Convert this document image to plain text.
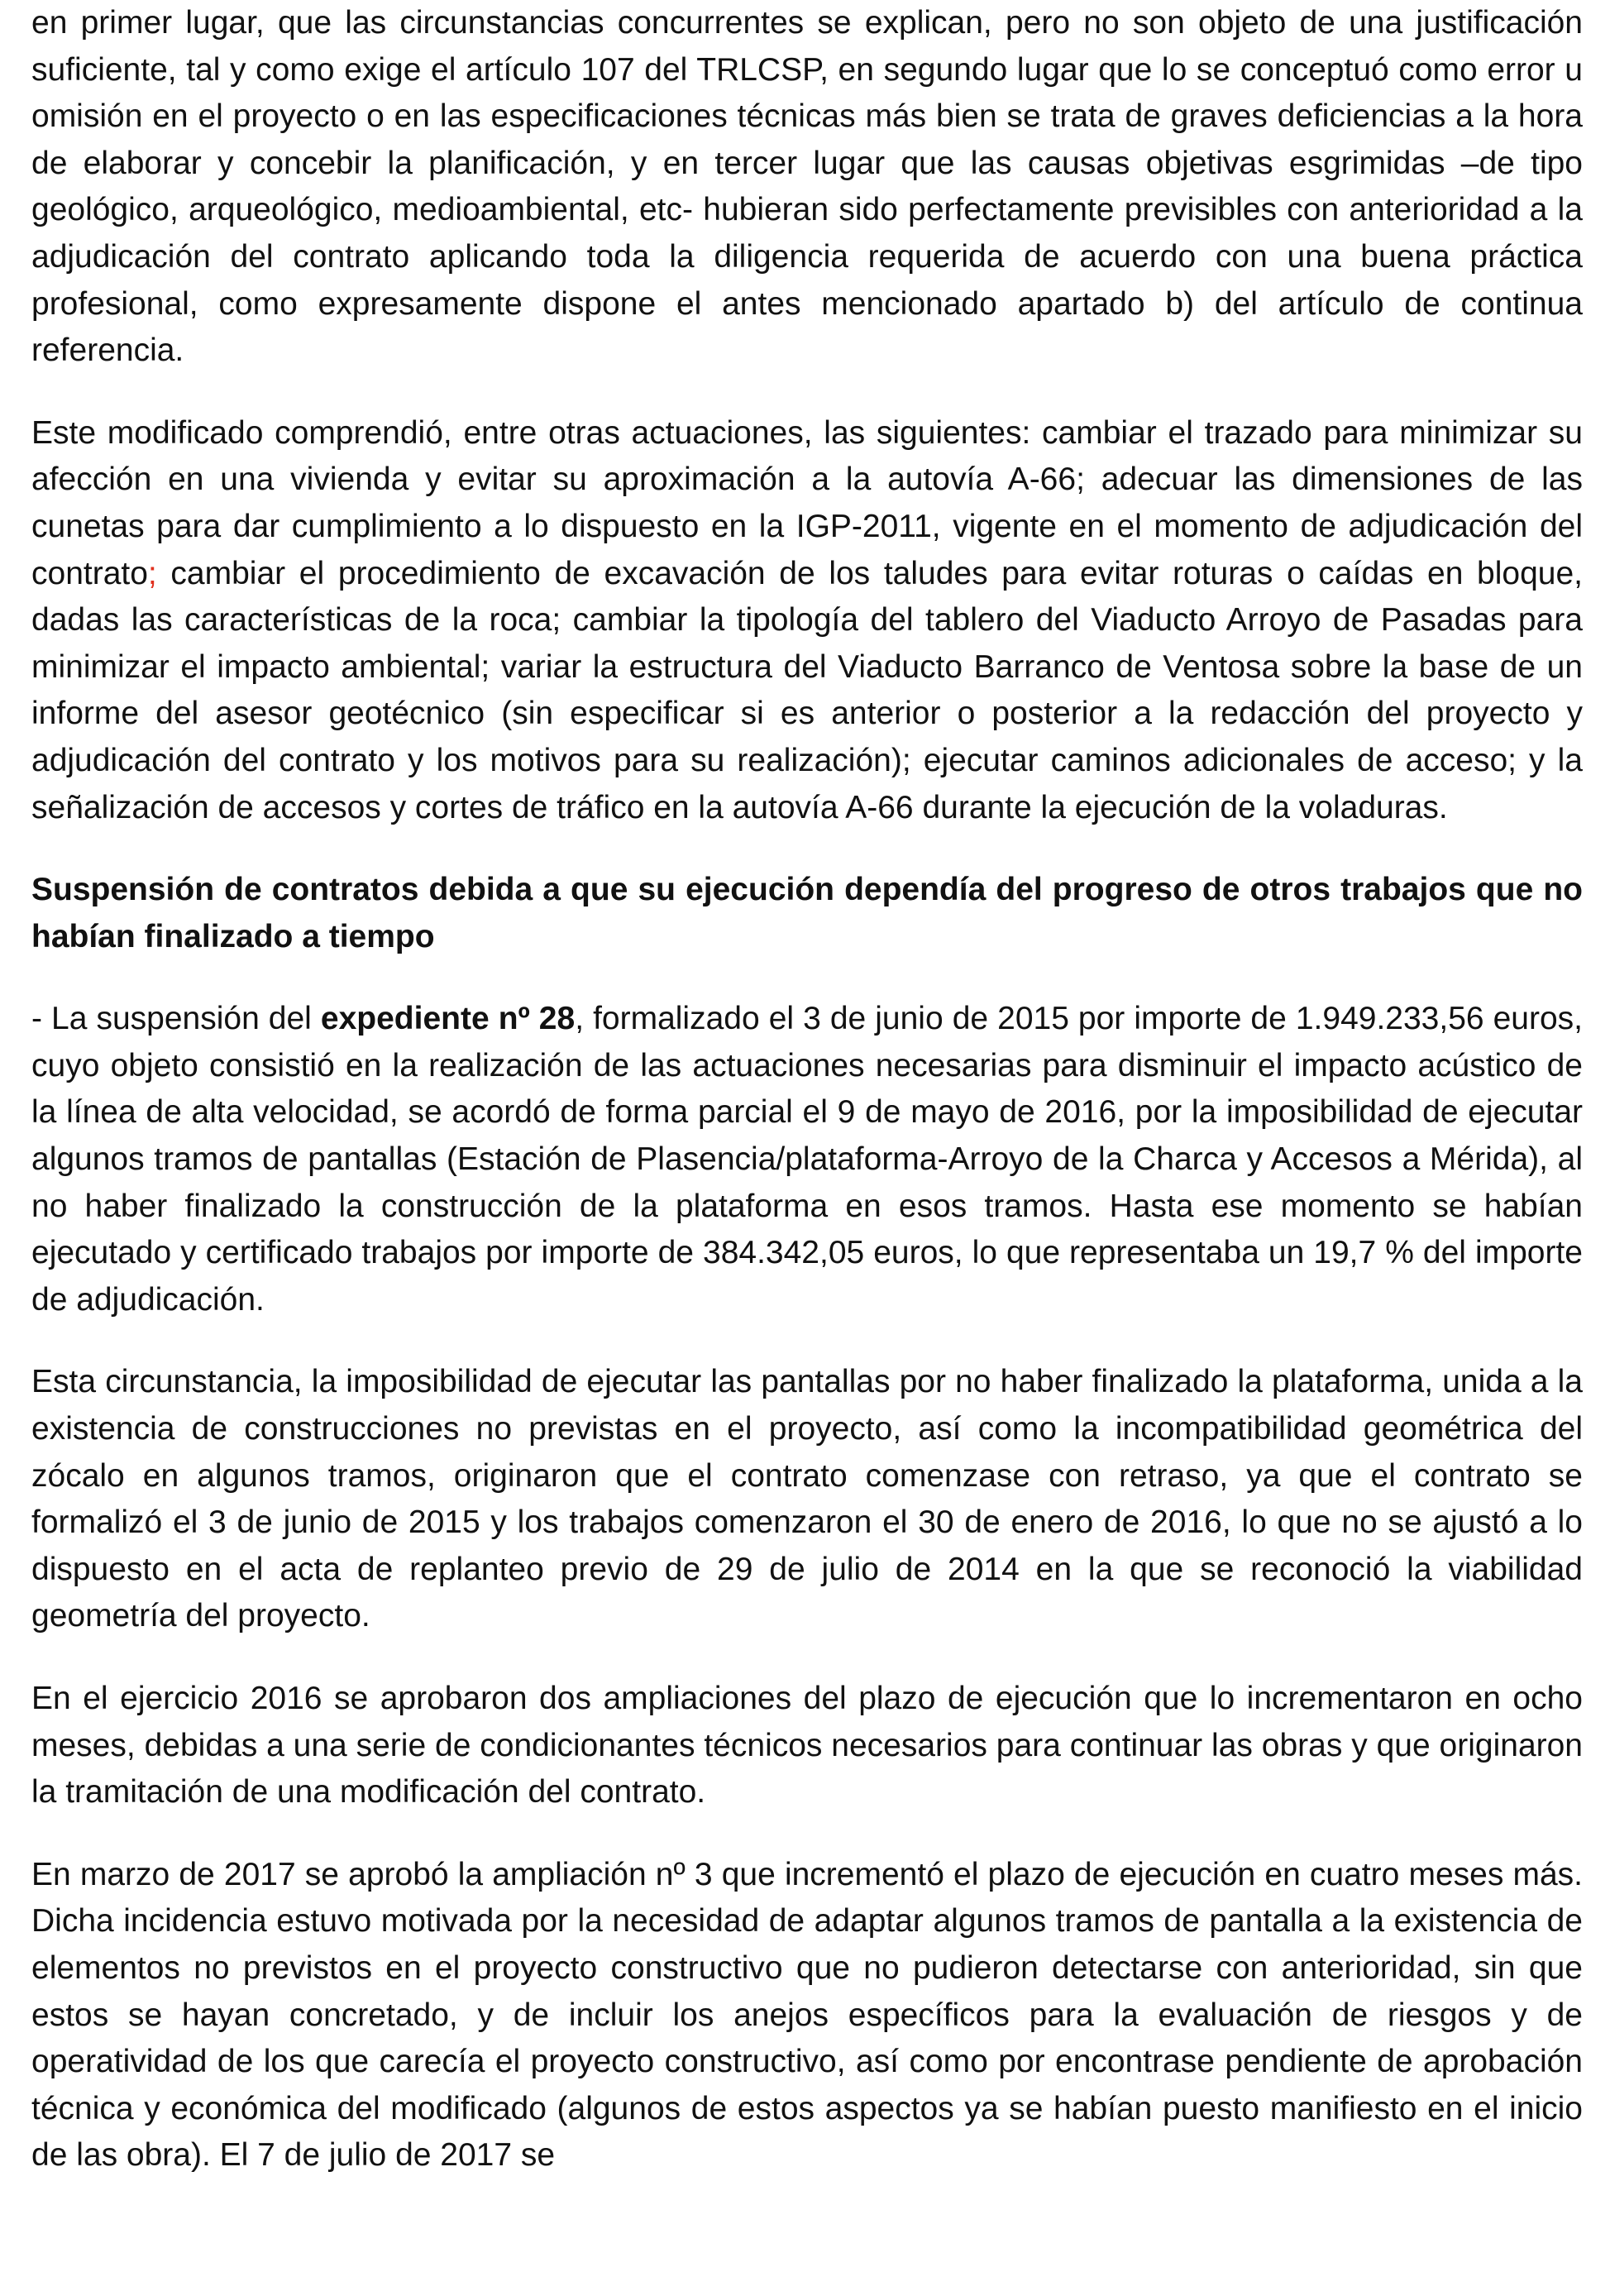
en primer lugar, que las circunstancias concurrentes se explican, pero no son objeto de una justificación suficiente, tal y como exige el artículo 107 del TRLCSP, en segundo lugar que lo se conceptuó como error u omisión en el proyecto o en las especificaciones técnicas más bien se trata de graves deficiencias a la hora de elaborar y concebir la planificación, y en tercer lugar que las causas objetivas esgrimidas –de tipo geológico, arqueológico, medioambiental, etc- hubieran sido perfectamente previsibles con anterioridad a la adjudicación del contrato aplicando toda la diligencia requerida de acuerdo con una buena práctica profesional, como expresamente dispone el antes mencionado apartado b) del artículo de continua referencia.

Este modificado comprendió, entre otras actuaciones, las siguientes: cambiar el trazado para minimizar su afección en una vivienda y evitar su aproximación a la autovía A-66; adecuar las dimensiones de las cunetas para dar cumplimiento a lo dispuesto en la IGP-2011, vigente en el momento de adjudicación del contrato; cambiar el procedimiento de excavación de los taludes para evitar roturas o caídas en bloque, dadas las características de la roca; cambiar la tipología del tablero del Viaducto Arroyo de Pasadas para minimizar el impacto ambiental; variar la estructura del Viaducto Barranco de Ventosa sobre la base de un informe del asesor geotécnico (sin especificar si es anterior o posterior a la redacción del proyecto y adjudicación del contrato y los motivos para su realización); ejecutar caminos adicionales de acceso; y la señalización de accesos y cortes de tráfico en la autovía A-66 durante la ejecución de la voladuras.

Suspensión de contratos debida a que su ejecución dependía del progreso de otros trabajos que no habían finalizado a tiempo

- La suspensión del expediente nº 28, formalizado el 3 de junio de 2015 por importe de 1.949.233,56 euros, cuyo objeto consistió en la realización de las actuaciones necesarias para disminuir el impacto acústico de la línea de alta velocidad, se acordó de forma parcial el 9 de mayo de 2016, por la imposibilidad de ejecutar algunos tramos de pantallas (Estación de Plasencia/plataforma-Arroyo de la Charca y Accesos a Mérida), al no haber finalizado la construcción de la plataforma en esos tramos. Hasta ese momento se habían ejecutado y certificado trabajos por importe de 384.342,05 euros, lo que representaba un 19,7 % del importe de adjudicación.

Esta circunstancia, la imposibilidad de ejecutar las pantallas por no haber finalizado la plataforma, unida a la existencia de construcciones no previstas en el proyecto, así como la incompatibilidad geométrica del zócalo en algunos tramos, originaron que el contrato comenzase con retraso, ya que el contrato se formalizó el 3 de junio de 2015 y los trabajos comenzaron el 30 de enero de 2016, lo que no se ajustó a lo dispuesto en el acta de replanteo previo de 29 de julio de 2014 en la que se reconoció la viabilidad geometría del proyecto.

En el ejercicio 2016 se aprobaron dos ampliaciones del plazo de ejecución que lo incrementaron en ocho meses, debidas a una serie de condicionantes técnicos necesarios para continuar las obras y que originaron la tramitación de una modificación del contrato.

En marzo de 2017 se aprobó la ampliación nº 3 que incrementó el plazo de ejecución en cuatro meses más. Dicha incidencia estuvo motivada por la necesidad de adaptar algunos tramos de pantalla a la existencia de elementos no previstos en el proyecto constructivo que no pudieron detectarse con anterioridad, sin que estos se hayan concretado, y de incluir los anejos específicos para la evaluación de riesgos y de operatividad de los que carecía el proyecto constructivo, así como por encontrase pendiente de aprobación técnica y económica del modificado (algunos de estos aspectos ya se habían puesto manifiesto en el inicio de las obra). El 7 de julio de 2017 se
